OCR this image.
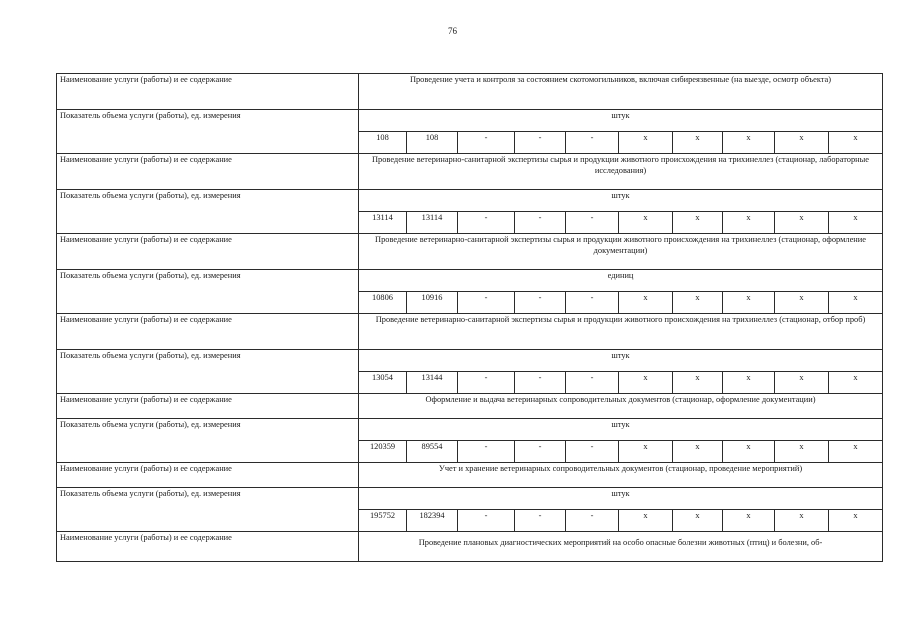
76
Наименование услуги (работы) и ее содержание	Проведение учета и контроля за состоянием скотомогильников, включая сибиреязвенные (на выезде, осмотр объекта)									
Показатель объема услуги (работы), ед. измерения	штук									
	108	108	-	-	-	x	x	x	x	x
Наименование услуги (работы) и ее содержание	Проведение ветеринарно-санитарной экспертизы сырья и продукции животного происхождения на трихинеллез (стационар, лабораторные исследования)									
Показатель объема услуги (работы), ед. измерения	штук									
	13114	13114	-	-	-	x	x	x	x	x
Наименование услуги (работы) и ее содержание	Проведение ветеринарно-санитарной экспертизы сырья и продукции животного происхождения на трихинеллез (стационар, оформление документации)									
Показатель объема услуги (работы), ед. измерения	единиц									
	10806	10916	-	-	-	x	x	x	x	x
Наименование услуги (работы) и ее содержание	Проведение ветеринарно-санитарной экспертизы сырья и продукции животного происхождения на трихинеллез (стационар, отбор проб)									
Показатель объема услуги (работы), ед. измерения	штук									
	13054	13144	-	-	-	x	x	x	x	x
Наименование услуги (работы) и ее содержание	Оформление и выдача ветеринарных сопроводительных документов (стационар, оформление документации)									
Показатель объема услуги (работы), ед. измерения	штук									
	120359	89554	-	-	-	x	x	x	x	x
Наименование услуги (работы) и ее содержание	Учет и хранение ветеринарных сопроводительных документов (стационар, проведение мероприятий)									
Показатель объема услуги (работы), ед. измерения	штук									
	195752	182394	-	-	-	x	x	x	x	x
Наименование услуги (работы) и ее содержание	Проведение плановых диагностических мероприятий на особо опасные болезни животных (птиц) и болезни, об-									
